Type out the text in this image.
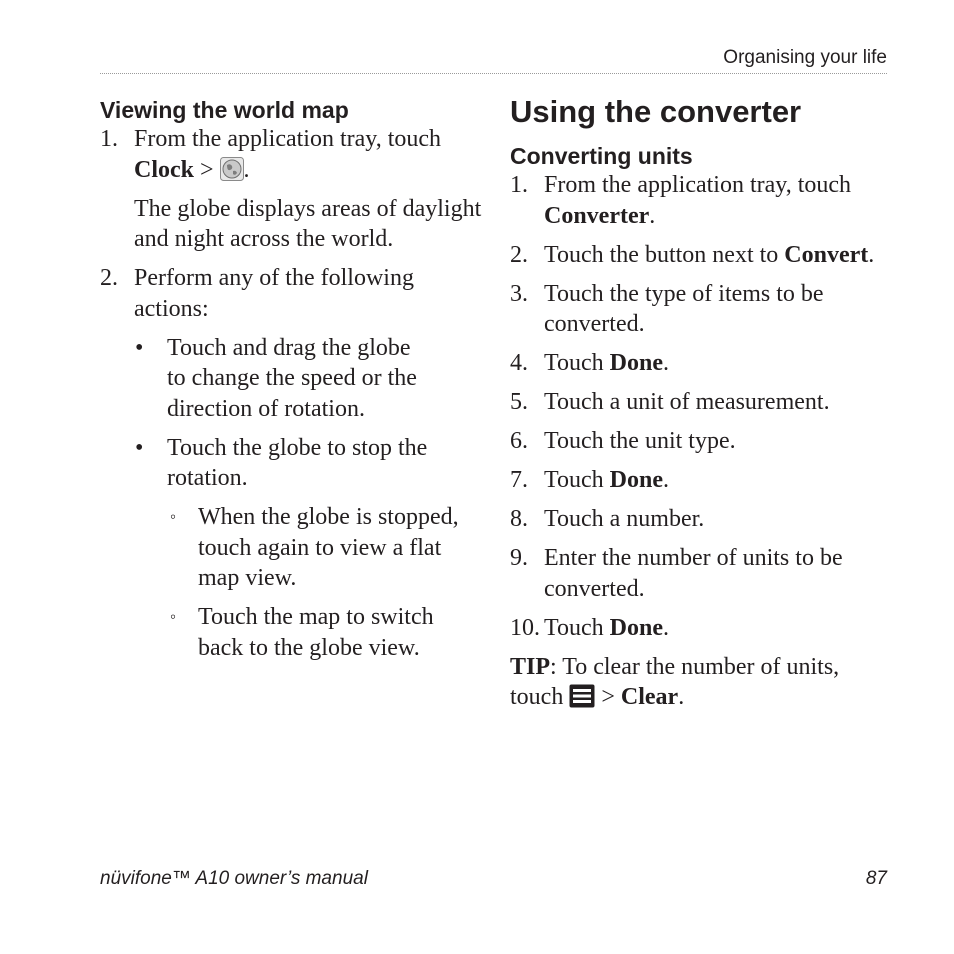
Organising your life
Viewing the world map
1. From the application tray, touch
Clock > .
The globe displays areas of daylight and night across the world.
2. Perform any of the following actions:
• Touch and drag the globe to change the speed or the direction of rotation.
• Touch the globe to stop the rotation.
◦ When the globe is stopped, touch again to view a flat map view.
◦ Touch the map to switch back to the globe view.
Using the converter
Converting units
1. From the application tray, touch
Converter.
2. Touch the button next to Convert.
3. Touch the type of items to be converted.
4. Touch Done.
5. Touch a unit of measurement.
6. Touch the unit type.
7. Touch Done.
8. Touch a number.
9. Enter the number of units to be converted.
10. Touch Done.
TIP: To clear the number of units, touch  > Clear.
nüvifone™ A10 owner’s manual	87
